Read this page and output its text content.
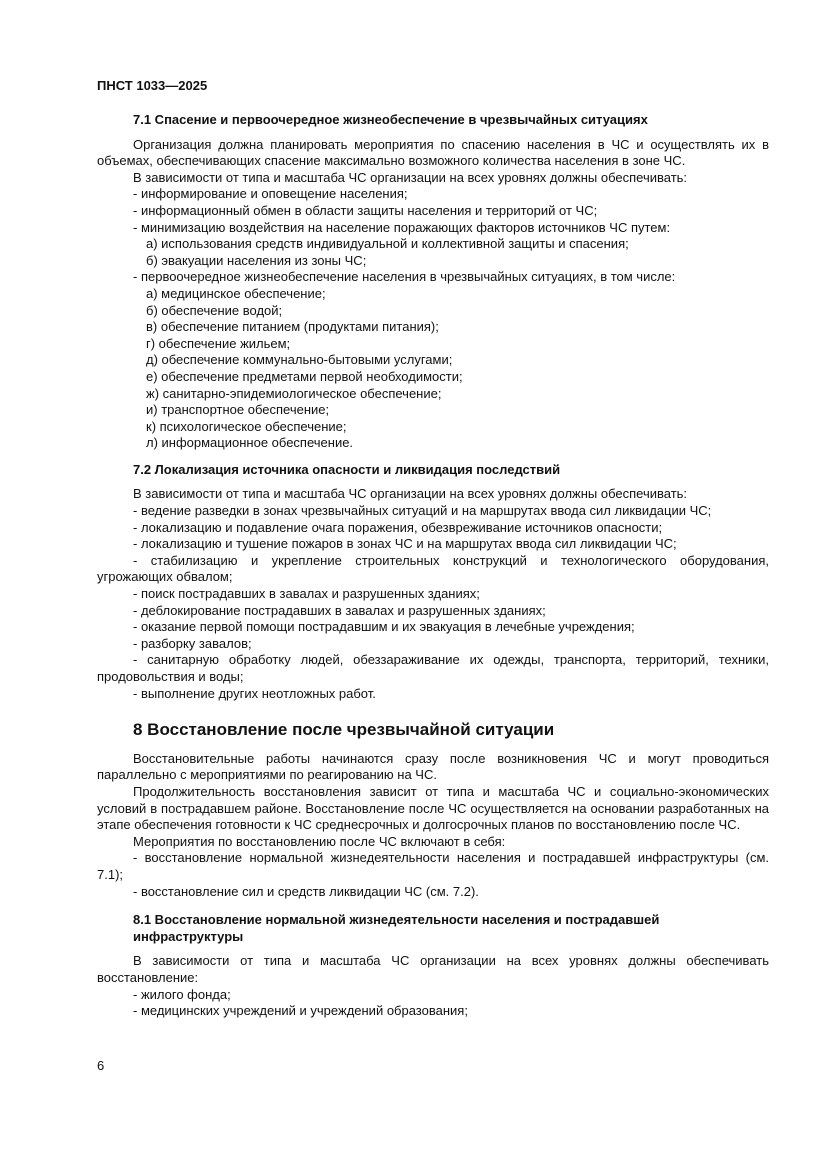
ПНСТ 1033—2025
7.1 Спасение и первоочередное жизнеобеспечение в чрезвычайных ситуациях

Организация должна планировать мероприятия по спасению населения в ЧС и осуществлять их в объемах, обеспечивающих спасение максимально возможного количества населения в зоне ЧС.

В зависимости от типа и масштаба ЧС организации на всех уровнях должны обеспечивать:

- информирование и оповещение населения;

- информационный обмен в области защиты населения и территорий от ЧС;

- минимизацию воздействия на население поражающих факторов источников ЧС путем:

а) использования средств индивидуальной и коллективной защиты и спасения;

б) эвакуации населения из зоны ЧС;

- первоочередное жизнеобеспечение населения в чрезвычайных ситуациях, в том числе:

а) медицинское обеспечение;

б) обеспечение водой;

в) обеспечение питанием (продуктами питания);

г) обеспечение жильем;

д) обеспечение коммунально-бытовыми услугами;

е) обеспечение предметами первой необходимости;

ж) санитарно-эпидемиологическое обеспечение;

и) транспортное обеспечение;

к) психологическое обеспечение;

л) информационное обеспечение.

7.2 Локализация источника опасности и ликвидация последствий

В зависимости от типа и масштаба ЧС организации на всех уровнях должны обеспечивать:

- ведение разведки в зонах чрезвычайных ситуаций и на маршрутах ввода сил ликвидации ЧС;

- локализацию и подавление очага поражения, обезвреживание источников опасности;

- локализацию и тушение пожаров в зонах ЧС и на маршрутах ввода сил ликвидации ЧС;

- стабилизацию и укрепление строительных конструкций и технологического оборудования, угрожающих обвалом;

- поиск пострадавших в завалах и разрушенных зданиях;

- деблокирование пострадавших в завалах и разрушенных зданиях;

- оказание первой помощи пострадавшим и их эвакуация в лечебные учреждения;

- разборку завалов;

- санитарную обработку людей, обеззараживание их одежды, транспорта, территорий, техники, продовольствия и воды;

- выполнение других неотложных работ.

8 Восстановление после чрезвычайной ситуации

Восстановительные работы начинаются сразу после возникновения ЧС и могут проводиться параллельно с мероприятиями по реагированию на ЧС.

Продолжительность восстановления зависит от типа и масштаба ЧС и социально-экономических условий в пострадавшем районе. Восстановление после ЧС осуществляется на основании разработанных на этапе обеспечения готовности к ЧС среднесрочных и долгосрочных планов по восстановлению после ЧС.

Мероприятия по восстановлению после ЧС включают в себя:

- восстановление нормальной жизнедеятельности населения и пострадавшей инфраструктуры (см. 7.1);

- восстановление сил и средств ликвидации ЧС (см. 7.2).

8.1 Восстановление нормальной жизнедеятельности населения и пострадавшей
инфраструктуры

В зависимости от типа и масштаба ЧС организации на всех уровнях должны обеспечивать восстановление:

- жилого фонда;

- медицинских учреждений и учреждений образования;

6
